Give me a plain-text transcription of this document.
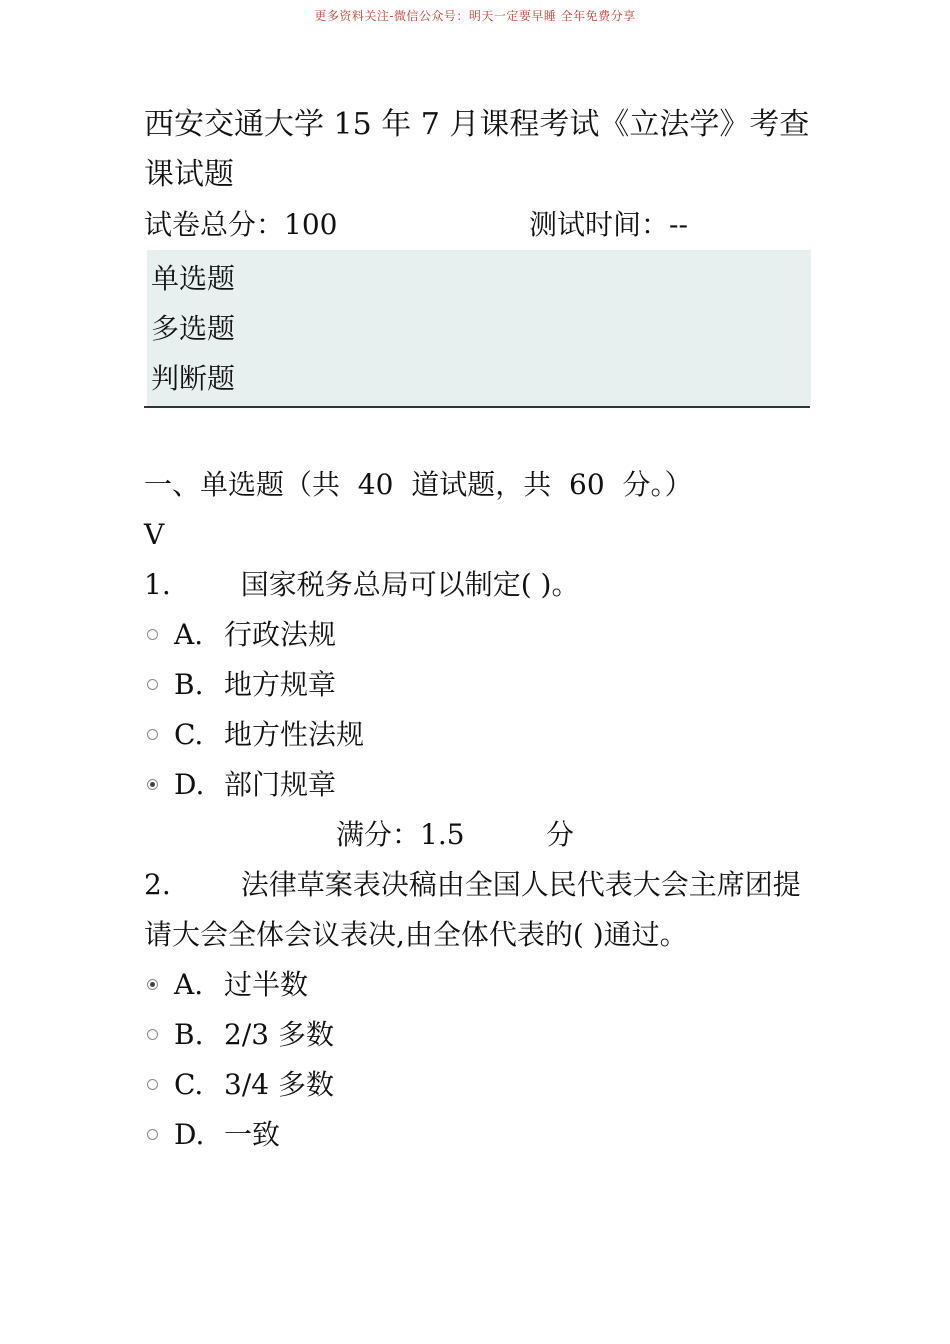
更多资料关注-微信公众号：明天一定要早睡 全年免费分享
西安交通大学 15 年 7 月课程考试《立法学》考查课试题
试卷总分：100	测试时间：--
单选题
多选题
判断题
一、单选题（共  40  道试题，共  60  分。）
V
1.	国家税务总局可以制定( )。
A. 行政法规
B. 地方规章
C. 地方性法规
D. 部门规章
满分：1.5	分
2.	法律草案表决稿由全国人民代表大会主席团提请大会全体会议表决,由全体代表的( )通过。
A. 过半数
B. 2/3 多数
C. 3/4 多数
D. 一致
